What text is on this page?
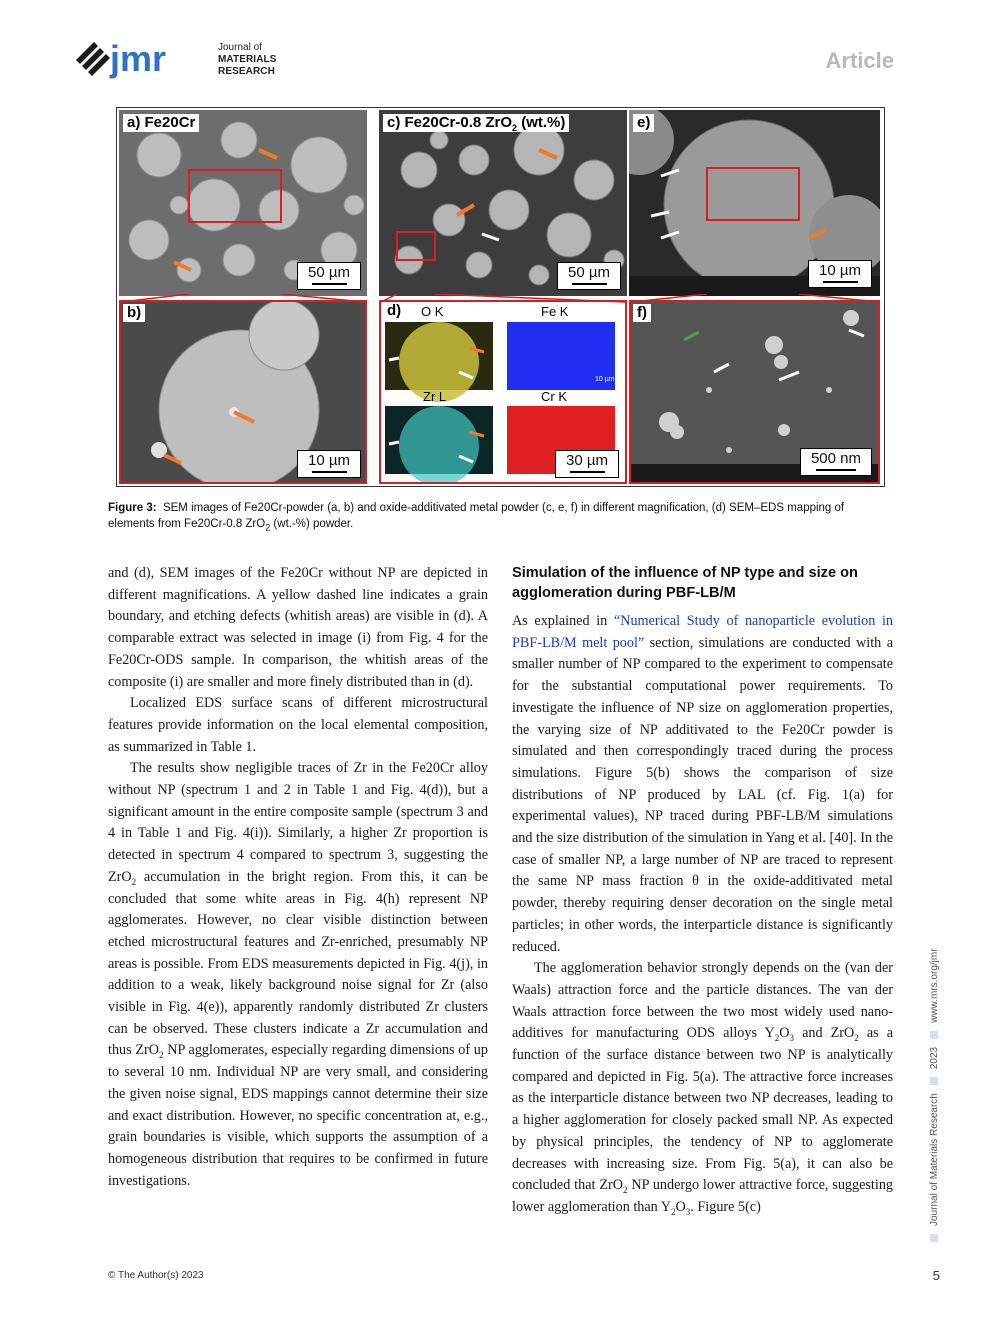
jmr	Journal of
MATERIALS RESEARCH	Article
a) Fe20Cr
50 µm
c) Fe20Cr-0.8 ZrO$_2$ (wt.%)
50 µm
e)
10 µm
b)
10 µm
d)	O K	Fe K
Zr L	Cr K
10 µm
30 µm
f)
500 nm
Figure 3: SEM images of Fe20Cr-powder (a, b) and oxide-additivated metal powder (c, e, f) in different magnification, (d) SEM–EDS mapping of elements from Fe20Cr-0.8 ZrO$_2$ (wt.-%) powder.

and (d), SEM images of the Fe20Cr without NP are depicted in different magnifications. A yellow dashed line indicates a grain boundary, and etching defects (whitish areas) are visible in (d). A comparable extract was selected in image (i) from Fig. 4 for the Fe20Cr-ODS sample. In comparison, the whitish areas of the composite (i) are smaller and more finely distributed than in (d).

Localized EDS surface scans of different microstructural features provide information on the local elemental composition, as summarized in Table 1.

The results show negligible traces of Zr in the Fe20Cr alloy without NP (spectrum 1 and 2 in Table 1 and Fig. 4(d)), but a significant amount in the entire composite sample (spectrum 3 and 4 in Table 1 and Fig. 4(i)). Similarly, a higher Zr proportion is detected in spectrum 4 compared to spectrum 3, suggesting the ZrO$_2$ accumulation in the bright region. From this, it can be concluded that some white areas in Fig. 4(h) represent NP agglomerates. However, no clear visible distinction between etched microstructural features and Zr-enriched, presumably NP areas is possible. From EDS measurements depicted in Fig. 4(j), in addition to a weak, likely background noise signal for Zr (also visible in Fig. 4(e)), apparently randomly distributed Zr clusters can be observed. These clusters indicate a Zr accumulation and thus ZrO$_2$ NP agglomerates, especially regarding dimensions of up to several 10 nm. Individual NP are very small, and considering the given noise signal, EDS mappings cannot determine their size and exact distribution. However, no specific concentration at, e.g., grain boundaries is visible, which supports the assumption of a homogeneous distribution that requires to be confirmed in future investigations.

Simulation of the influence of NP type and size on agglomeration during PBF-LB/M

As explained in “Numerical Study of nanoparticle evolution in PBF-LB/M melt pool” section, simulations are conducted with a smaller number of NP compared to the experiment to compensate for the substantial computational power requirements. To investigate the influence of NP size on agglomeration properties, the varying size of NP additivated to the Fe20Cr powder is simulated and then correspondingly traced during the process simulations. Figure 5(b) shows the comparison of size distributions of NP produced by LAL (cf. Fig. 1(a) for experimental values), NP traced during PBF-LB/M simulations and the size distribution of the simulation in Yang et al. [40]. In the case of smaller NP, a large number of NP are traced to represent the same NP mass fraction θ in the oxide-additivated metal powder, thereby requiring denser decoration on the single metal particles; in other words, the interparticle distance is significantly reduced.

The agglomeration behavior strongly depends on the (van der Waals) attraction force and the particle distances. The van der Waals attraction force between the two most widely used nano-additives for manufacturing ODS alloys $Y_2O_3$ and ZrO$_2$ as a function of the surface distance between two NP is analytically compared and depicted in Fig. 5(a). The attractive force increases as the interparticle distance between two NP decreases, leading to a higher agglomeration for closely packed small NP. As expected by physical principles, the tendency of NP to agglomerate decreases with increasing size. From Fig. 5(a), it can also be concluded that ZrO$_2$ NP undergo lower attractive force, suggesting lower agglomeration than $Y_2O_3$. Figure 5(c)	Journal of Materials Research2023www.mrs.org/jmr
© The Author(s) 2023	5
